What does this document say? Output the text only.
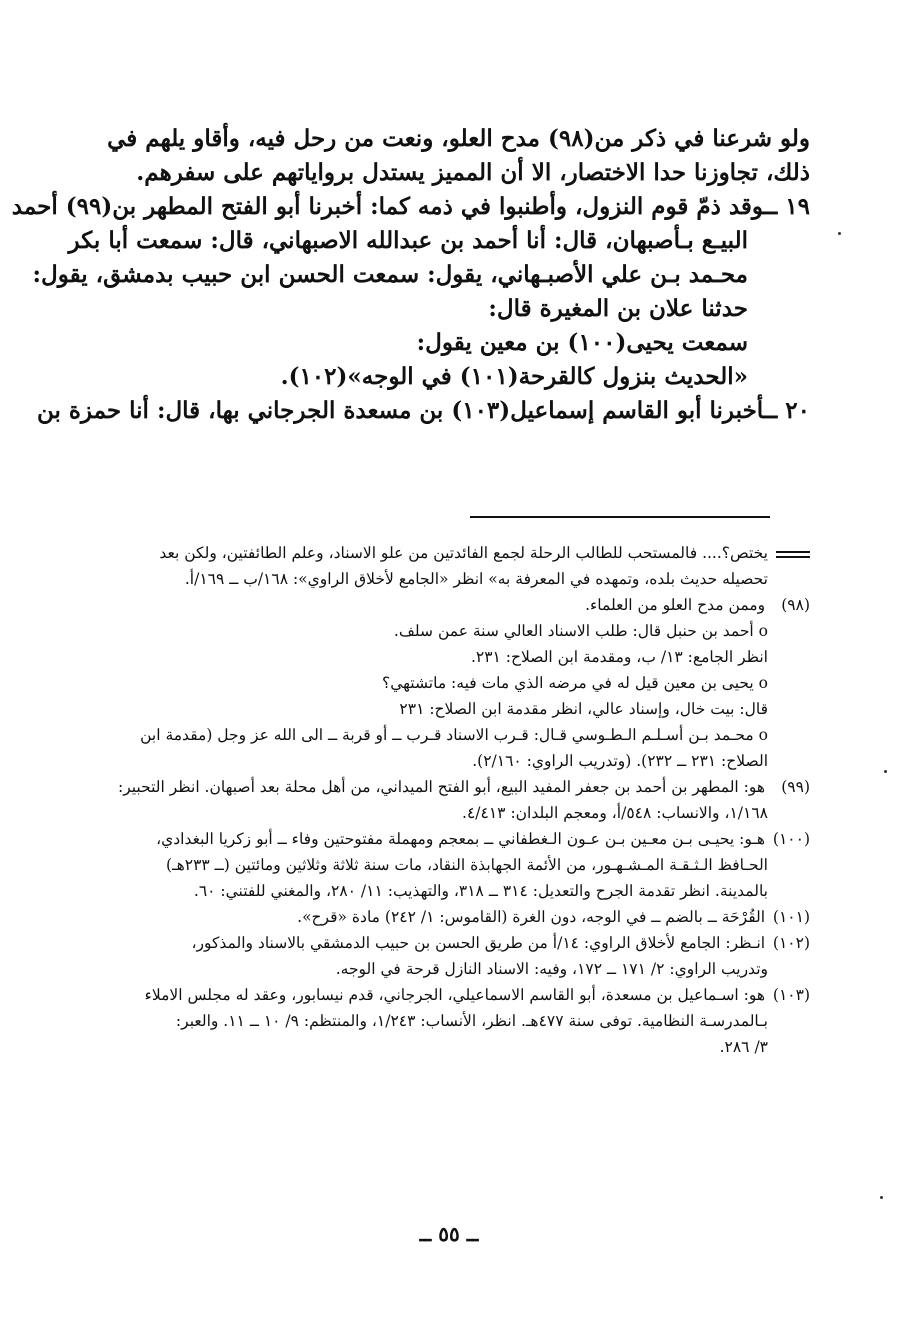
ولو شرعنا في ذكر من(٩٨) مدح العلو، ونعت من رحل فيه، وأقاو يلهم في
ذلك، تجاوزنا حدا الاختصار، الا أن المميز يستدل برواياتهم على سفرهم.
١٩ ــوقد ذمّ قوم النزول، وأطنبوا في ذمه كما: أخبرنا أبو الفتح المطهر بن(٩٩) أحمد
البيـع بـأصبهان، قال: أنا أحمد بن عبدالله الاصبهاني، قال: سمعت أبا بكر
محـمد بـن علي الأصبـهاني، يقول: سمعت الحسن ابن حبيب بدمشق، يقول:
حدثنا علان بن المغيرة قال:
سمعت يحيى(١٠٠) بن معين يقول:
«الحديث بنزول كالقرحة(١٠١) في الوجه»(١٠٢).
٢٠ ــأخبرنا أبو القاسم إسماعيل(١٠٣) بن مسعدة الجرجاني بها، قال: أنا حمزة بن
يختص؟.... فالمستحب للطالب الرحلة لجمع الفائدتين من علو الاسناد، وعلم الطائفتين، ولكن بعد
تحصيله حديث بلده، وتمهده في المعرفة به» انظر «الجامع لأخلاق الراوي»: ١٦٨/ب ــ ١٦٩/أ.
(٩٨) وممن مدح العلو من العلماء.
o أحمد بن حنبل قال: طلب الاسناد العالي سنة عمن سلف.
انظر الجامع: ١٣/ ب، ومقدمة ابن الصلاح: ٢٣١.
o يحيى بن معين قيل له في مرضه الذي مات فيه: ماتشتهي؟
قال: بيت خال، وإسناد عالي، انظر مقدمة ابن الصلاح: ٢٣١
o محـمد بـن أسـلـم الـطـوسي قـال: قـرب الاسناد قـرب ــ أو قربة ــ الى الله عز وجل (مقدمة ابن
الصلاح: ٢٣١ ــ ٢٣٢). (وتدريب الراوي: ٢/١٦٠).
(٩٩) هو: المطهر بن أحمد بن جعفر المفيد البيع، أبو الفتح الميداني، من أهل محلة بعد أصبهان. انظر التحبير:
١/١٦٨، والانساب: ٥٤٨/أ، ومعجم البلدان: ٤/٤١٣.
(١٠٠) هـو: يحيـى بـن معـين بـن عـون الـغطفاني ــ بمعجم ومهملة مفتوحتين وفاء ــ أبو زكريا البغدادي،
الحـافظ الـثـقـة المـشـهـور، من الأئمة الجهابذة النقاد، مات سنة ثلاثة وثلاثين ومائتين (ــ ٢٣٣هـ)
بالمدينة. انظر تقدمة الجرح والتعديل: ٣١٤ ــ ٣١٨، والتهذيب: ١١/ ٢٨٠، والمغني للفتني: ٦٠.
(١٠١) القُرْحَة ــ بالضم ــ في الوجه، دون الغرة (القاموس: ١/ ٢٤٢) مادة «قرح».
(١٠٢) انـظر: الجامع لأخلاق الراوي: ١٤/أ من طريق الحسن بن حبيب الدمشقي بالاسناد والمذكور،
وتدريب الراوي: ٢/ ١٧١ ــ ١٧٢، وفيه: الاسناد النازل قرحة في الوجه.
(١٠٣) هو: اسـماعيل بن مسعدة، أبو القاسم الاسماعيلي، الجرجاني، قدم نيسابور، وعقد له مجلس الاملاء
بـالمدرسـة النظامية. توفى سنة ٤٧٧هـ. انظر، الأنساب: ١/٢٤٣، والمنتظم: ٩/ ١٠ ــ ١١. والعبر:
٣/ ٢٨٦.
ــ ٥٥ ــ
